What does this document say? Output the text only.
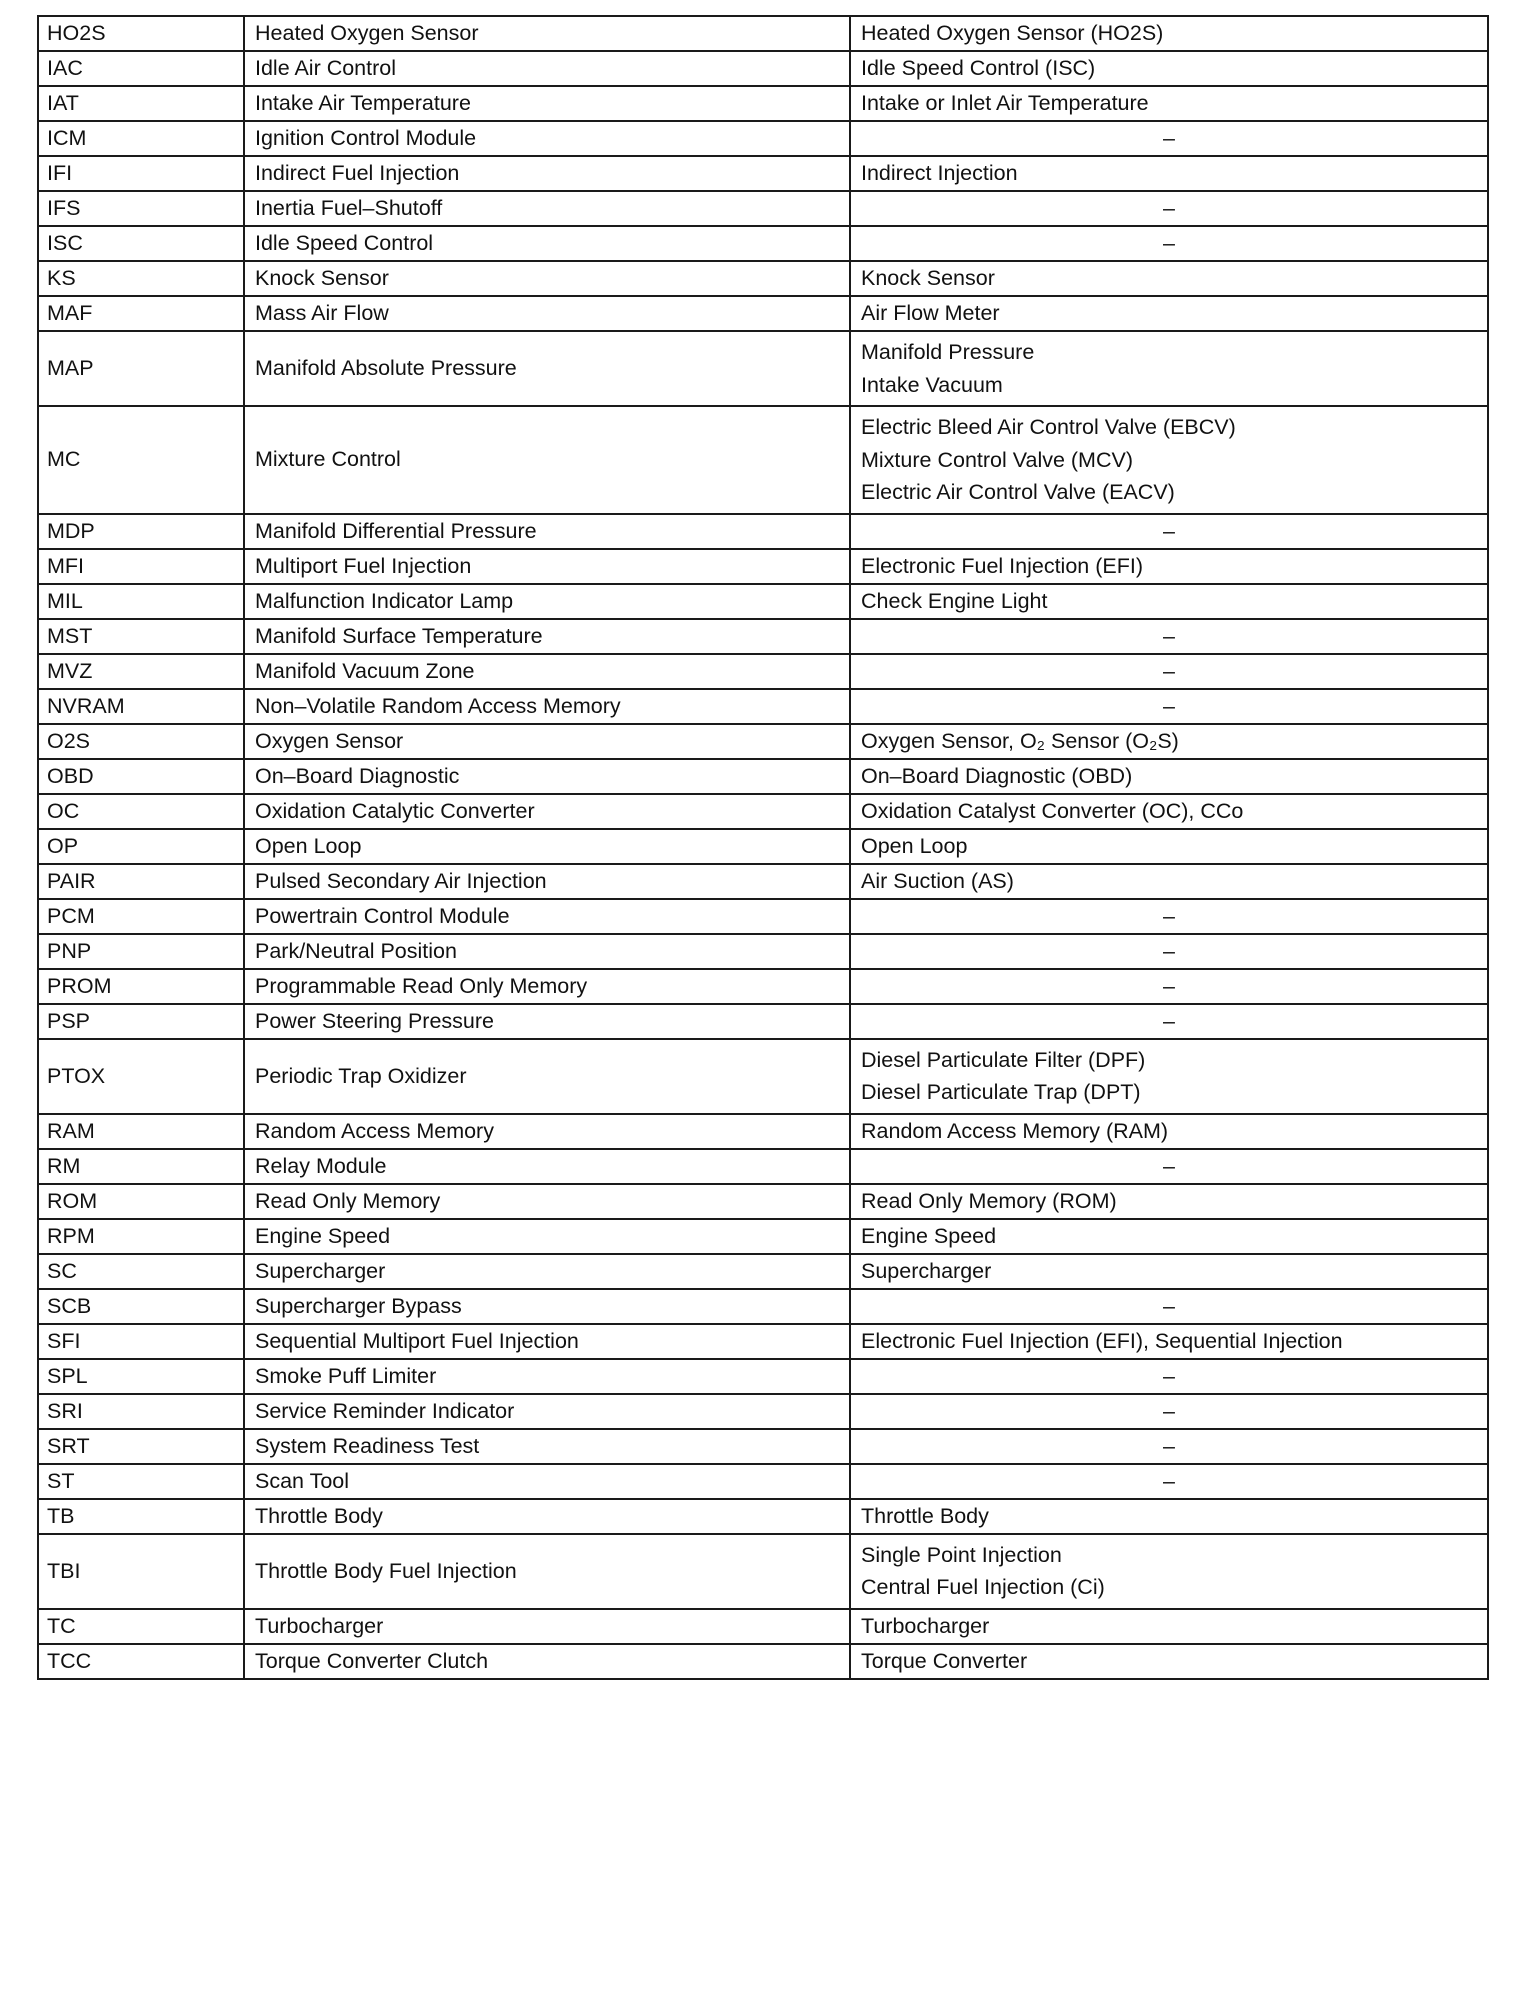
HO2S	Heated Oxygen Sensor	Heated Oxygen Sensor (HO2S)

IAC	Idle Air Control	Idle Speed Control (ISC)

IAT	Intake Air Temperature	Intake or Inlet Air Temperature

ICM	Ignition Control Module	–

IFI	Indirect Fuel Injection	Indirect Injection

IFS	Inertia Fuel–Shutoff	–

ISC	Idle Speed Control	–

KS	Knock Sensor	Knock Sensor

MAF	Mass Air Flow	Air Flow Meter

MAP	Manifold Absolute Pressure	Manifold Pressure
Intake Vacuum

MC	Mixture Control	Electric Bleed Air Control Valve (EBCV)
Mixture Control Valve (MCV)
Electric Air Control Valve (EACV)

MDP	Manifold Differential Pressure	–

MFI	Multiport Fuel Injection	Electronic Fuel Injection (EFI)

MIL	Malfunction Indicator Lamp	Check Engine Light

MST	Manifold Surface Temperature	–

MVZ	Manifold Vacuum Zone	–

NVRAM	Non–Volatile Random Access Memory	–

O2S	Oxygen Sensor	Oxygen Sensor, O₂ Sensor (O₂S)

OBD	On–Board Diagnostic	On–Board Diagnostic (OBD)

OC	Oxidation Catalytic Converter	Oxidation Catalyst Converter (OC), CCo

OP	Open Loop	Open Loop

PAIR	Pulsed Secondary Air Injection	Air Suction (AS)

PCM	Powertrain Control Module	–

PNP	Park/Neutral Position	–

PROM	Programmable Read Only Memory	–

PSP	Power Steering Pressure	–

PTOX	Periodic Trap Oxidizer	Diesel Particulate Filter (DPF)
Diesel Particulate Trap (DPT)

RAM	Random Access Memory	Random Access Memory (RAM)

RM	Relay Module	–

ROM	Read Only Memory	Read Only Memory (ROM)

RPM	Engine Speed	Engine Speed

SC	Supercharger	Supercharger

SCB	Supercharger Bypass	–

SFI	Sequential Multiport Fuel Injection	Electronic Fuel Injection (EFI), Sequential Injection

SPL	Smoke Puff Limiter	–

SRI	Service Reminder Indicator	–

SRT	System Readiness Test	–

ST	Scan Tool	–

TB	Throttle Body	Throttle Body

TBI	Throttle Body Fuel Injection	Single Point Injection
Central Fuel Injection (Ci)

TC	Turbocharger	Turbocharger

TCC	Torque Converter Clutch	Torque Converter
